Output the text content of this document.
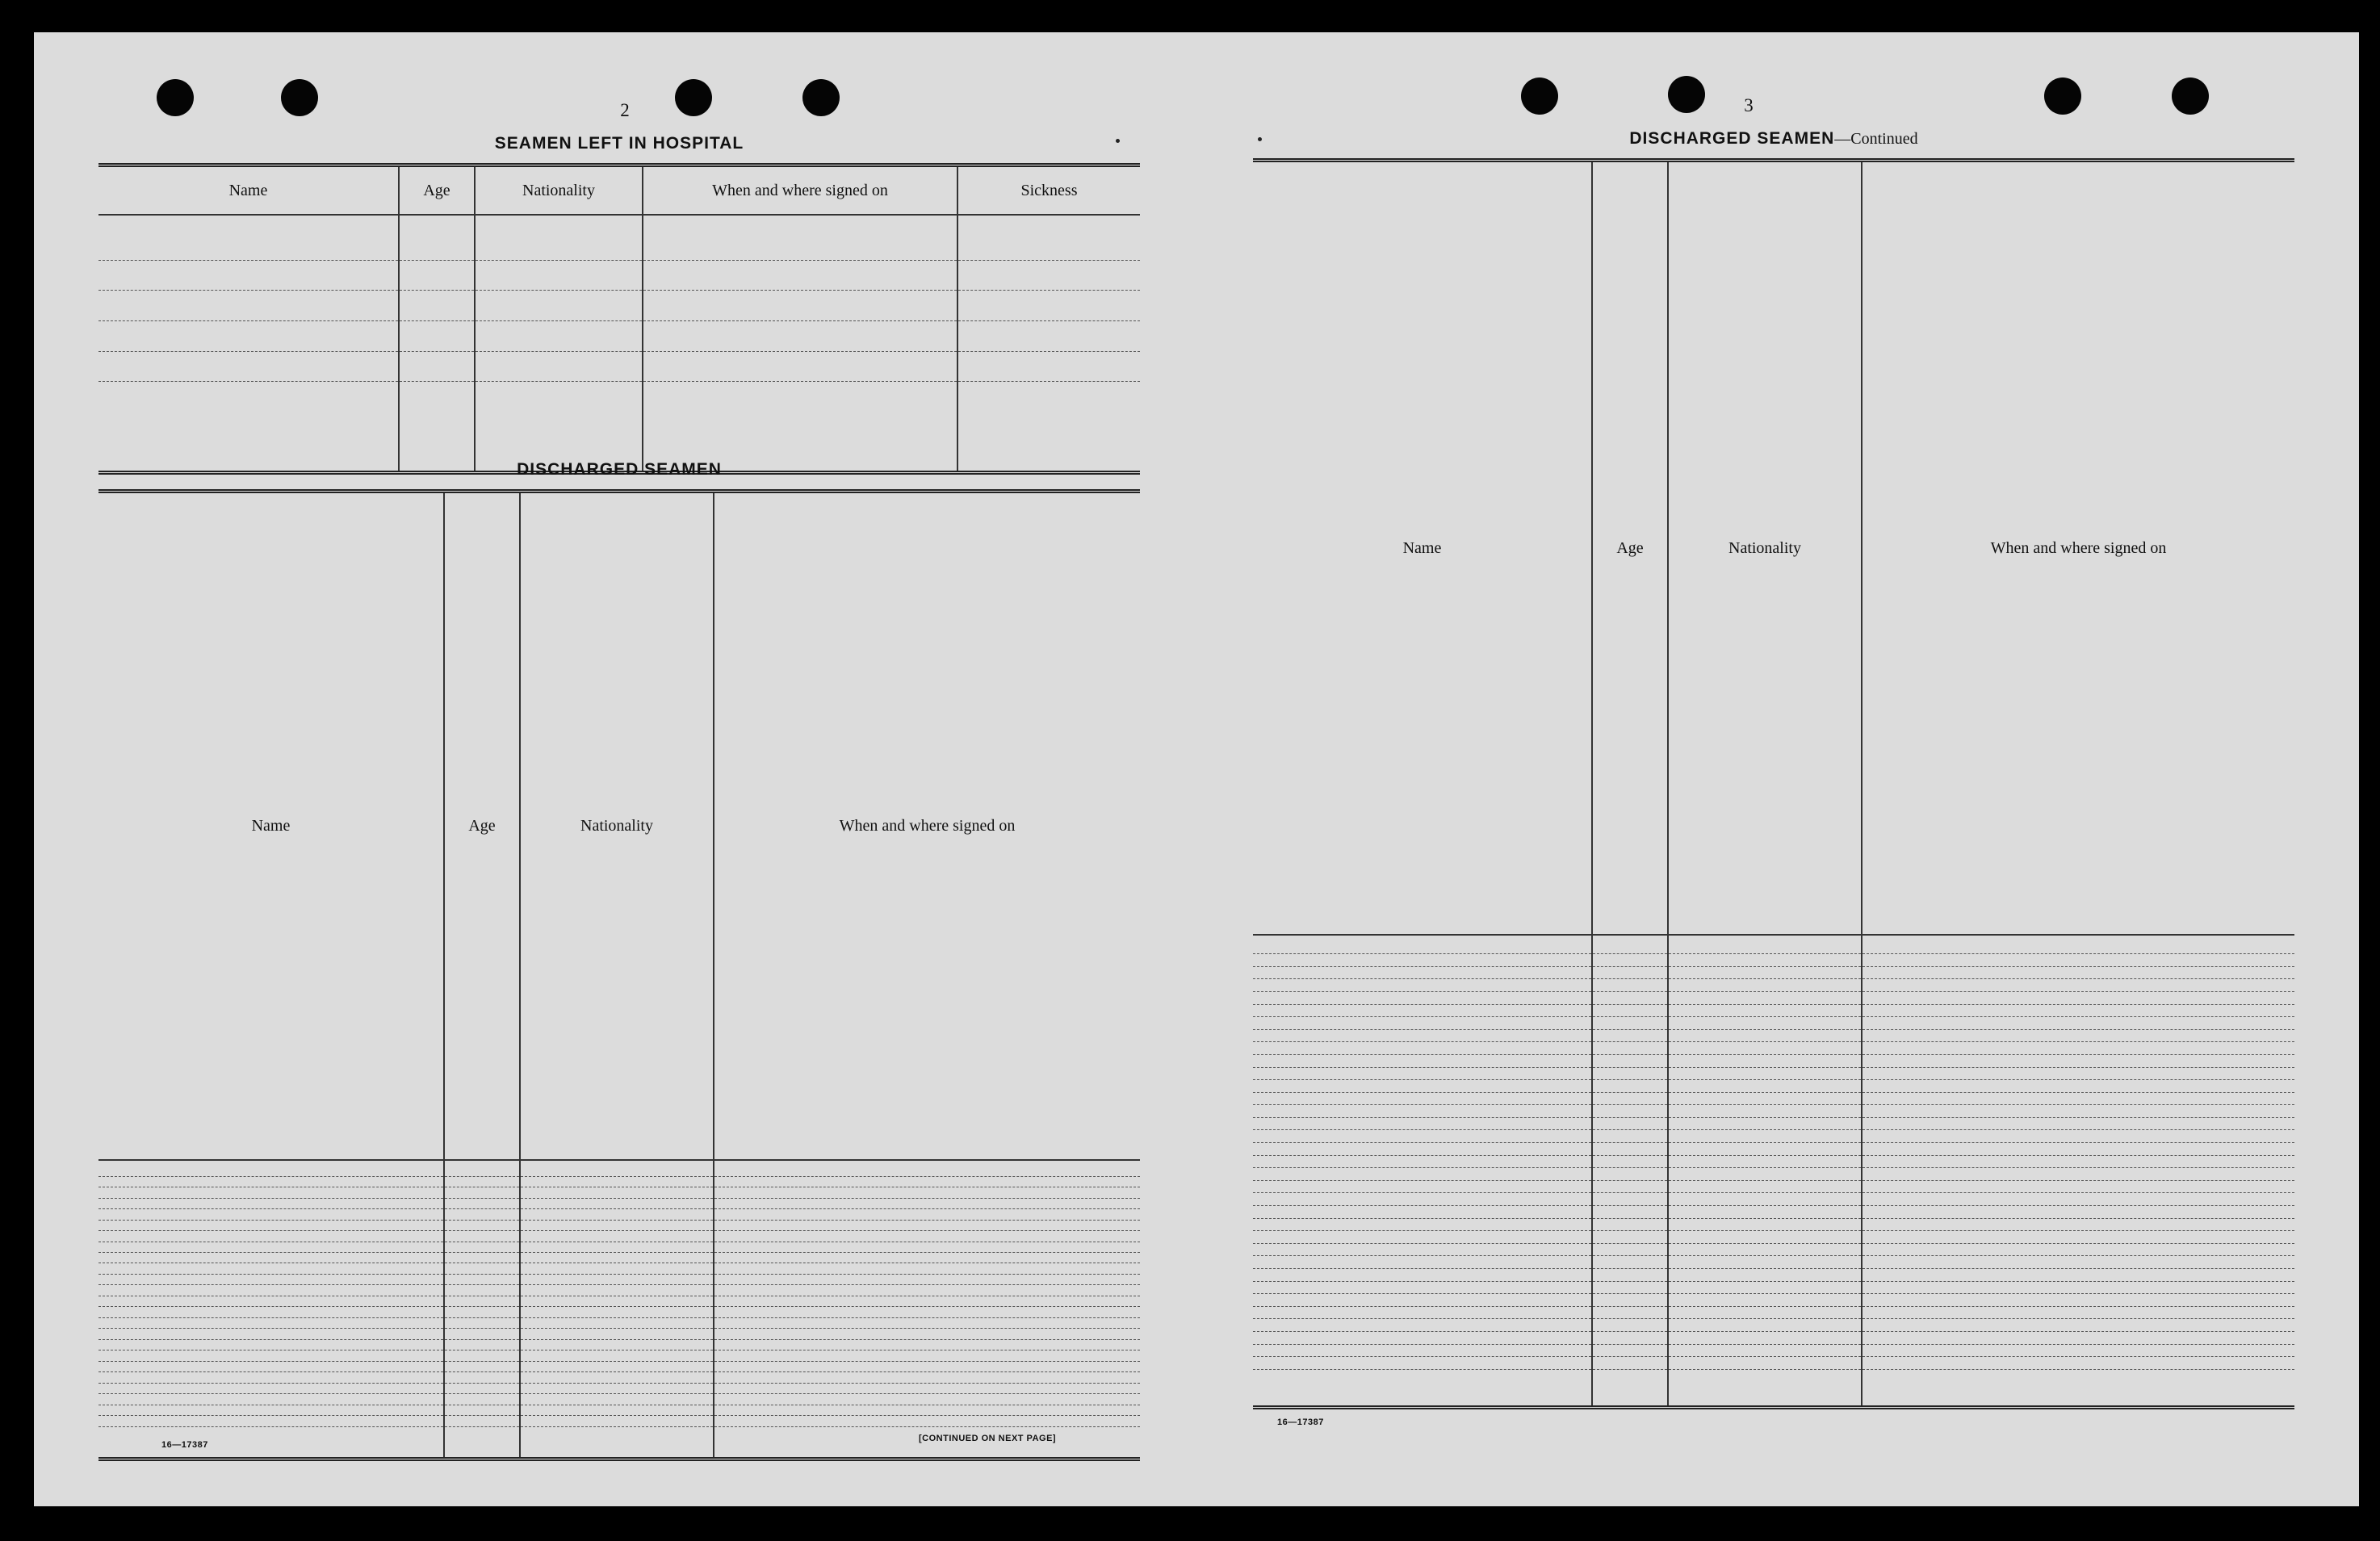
2
SEAMEN LEFT IN HOSPITAL
Name	Age	Nationality	When and where signed on	Sickness

DISCHARGED SEAMEN
Name	Age	Nationality	When and where signed on

16—17387
[CONTINUED ON NEXT PAGE]
3
DISCHARGED SEAMEN—Continued
Name	Age	Nationality	When and where signed on

16—17387
